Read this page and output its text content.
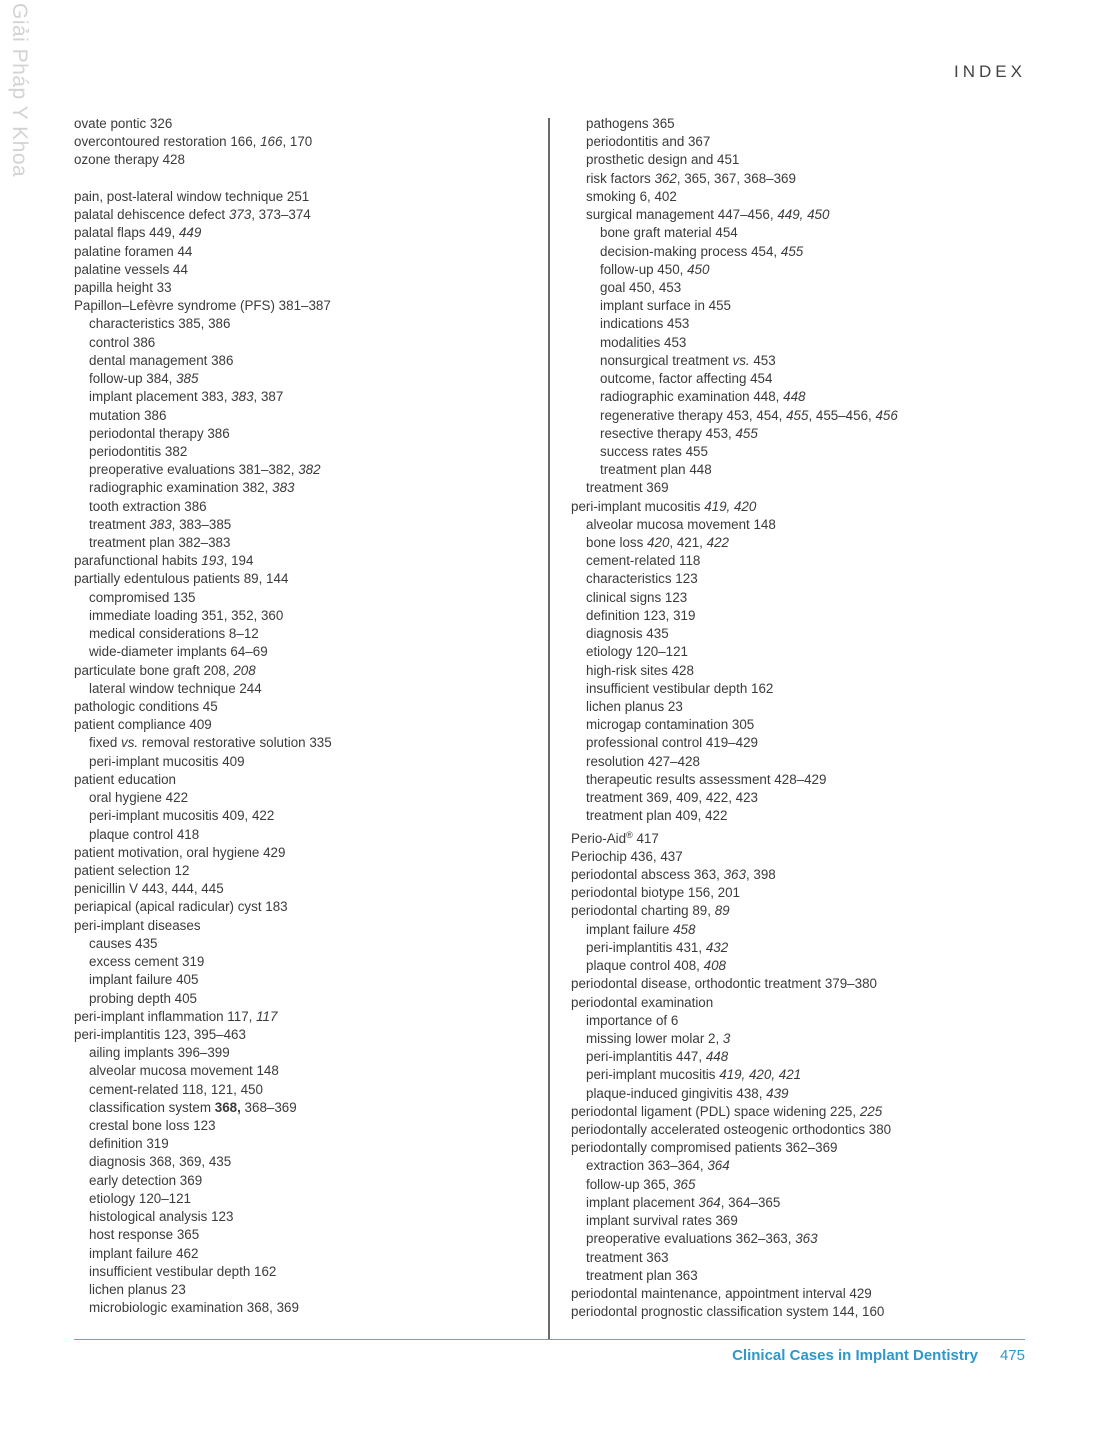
Giải Pháp Y Khoa	INDEX
ovate pontic 326
overcontoured restoration 166, 166, 170
ozone therapy 428
pain, post-lateral window technique 251
palatal dehiscence defect 373, 373–374
palatal flaps 449, 449
palatine foramen 44
palatine vessels 44
papilla height 33
Papillon–Lefèvre syndrome (PFS) 381–387
characteristics 385, 386
control 386
dental management 386
follow-up 384, 385
implant placement 383, 383, 387
mutation 386
periodontal therapy 386
periodontitis 382
preoperative evaluations 381–382, 382
radiographic examination 382, 383
tooth extraction 386
treatment 383, 383–385
treatment plan 382–383
parafunctional habits 193, 194
partially edentulous patients 89, 144
compromised 135
immediate loading 351, 352, 360
medical considerations 8–12
wide-diameter implants 64–69
particulate bone graft 208, 208
lateral window technique 244
pathologic conditions 45
patient compliance 409
fixed vs. removal restorative solution 335
peri-implant mucositis 409
patient education
oral hygiene 422
peri-implant mucositis 409, 422
plaque control 418
patient motivation, oral hygiene 429
patient selection 12
penicillin V 443, 444, 445
periapical (apical radicular) cyst 183
peri-implant diseases
causes 435
excess cement 319
implant failure 405
probing depth 405
peri-implant inflammation 117, 117
peri-implantitis 123, 395–463
ailing implants 396–399
alveolar mucosa movement 148
cement-related 118, 121, 450
classification system 368, 368–369
crestal bone loss 123
definition 319
diagnosis 368, 369, 435
early detection 369
etiology 120–121
histological analysis 123
host response 365
implant failure 462
insufficient vestibular depth 162
lichen planus 23
microbiologic examination 368, 369
pathogens 365
periodontitis and 367
prosthetic design and 451
risk factors 362, 365, 367, 368–369
smoking 6, 402
surgical management 447–456, 449, 450
bone graft material 454
decision-making process 454, 455
follow-up 450, 450
goal 450, 453
implant surface in 455
indications 453
modalities 453
nonsurgical treatment vs. 453
outcome, factor affecting 454
radiographic examination 448, 448
regenerative therapy 453, 454, 455, 455–456, 456
resective therapy 453, 455
success rates 455
treatment plan 448
treatment 369
peri-implant mucositis 419, 420
alveolar mucosa movement 148
bone loss 420, 421, 422
cement-related 118
characteristics 123
clinical signs 123
definition 123, 319
diagnosis 435
etiology 120–121
high-risk sites 428
insufficient vestibular depth 162
lichen planus 23
microgap contamination 305
professional control 419–429
resolution 427–428
therapeutic results assessment 428–429
treatment 369, 409, 422, 423
treatment plan 409, 422
Perio-Aid® 417
Periochip 436, 437
periodontal abscess 363, 363, 398
periodontal biotype 156, 201
periodontal charting 89, 89
implant failure 458
peri-implantitis 431, 432
plaque control 408, 408
periodontal disease, orthodontic treatment 379–380
periodontal examination
importance of 6
missing lower molar 2, 3
peri-implantitis 447, 448
peri-implant mucositis 419, 420, 421
plaque-induced gingivitis 438, 439
periodontal ligament (PDL) space widening 225, 225
periodontally accelerated osteogenic orthodontics 380
periodontally compromised patients 362–369
extraction 363–364, 364
follow-up 365, 365
implant placement 364, 364–365
implant survival rates 369
preoperative evaluations 362–363, 363
treatment 363
treatment plan 363
periodontal maintenance, appointment interval 429
periodontal prognostic classification system 144, 160
Clinical Cases in Implant Dentistry 475
